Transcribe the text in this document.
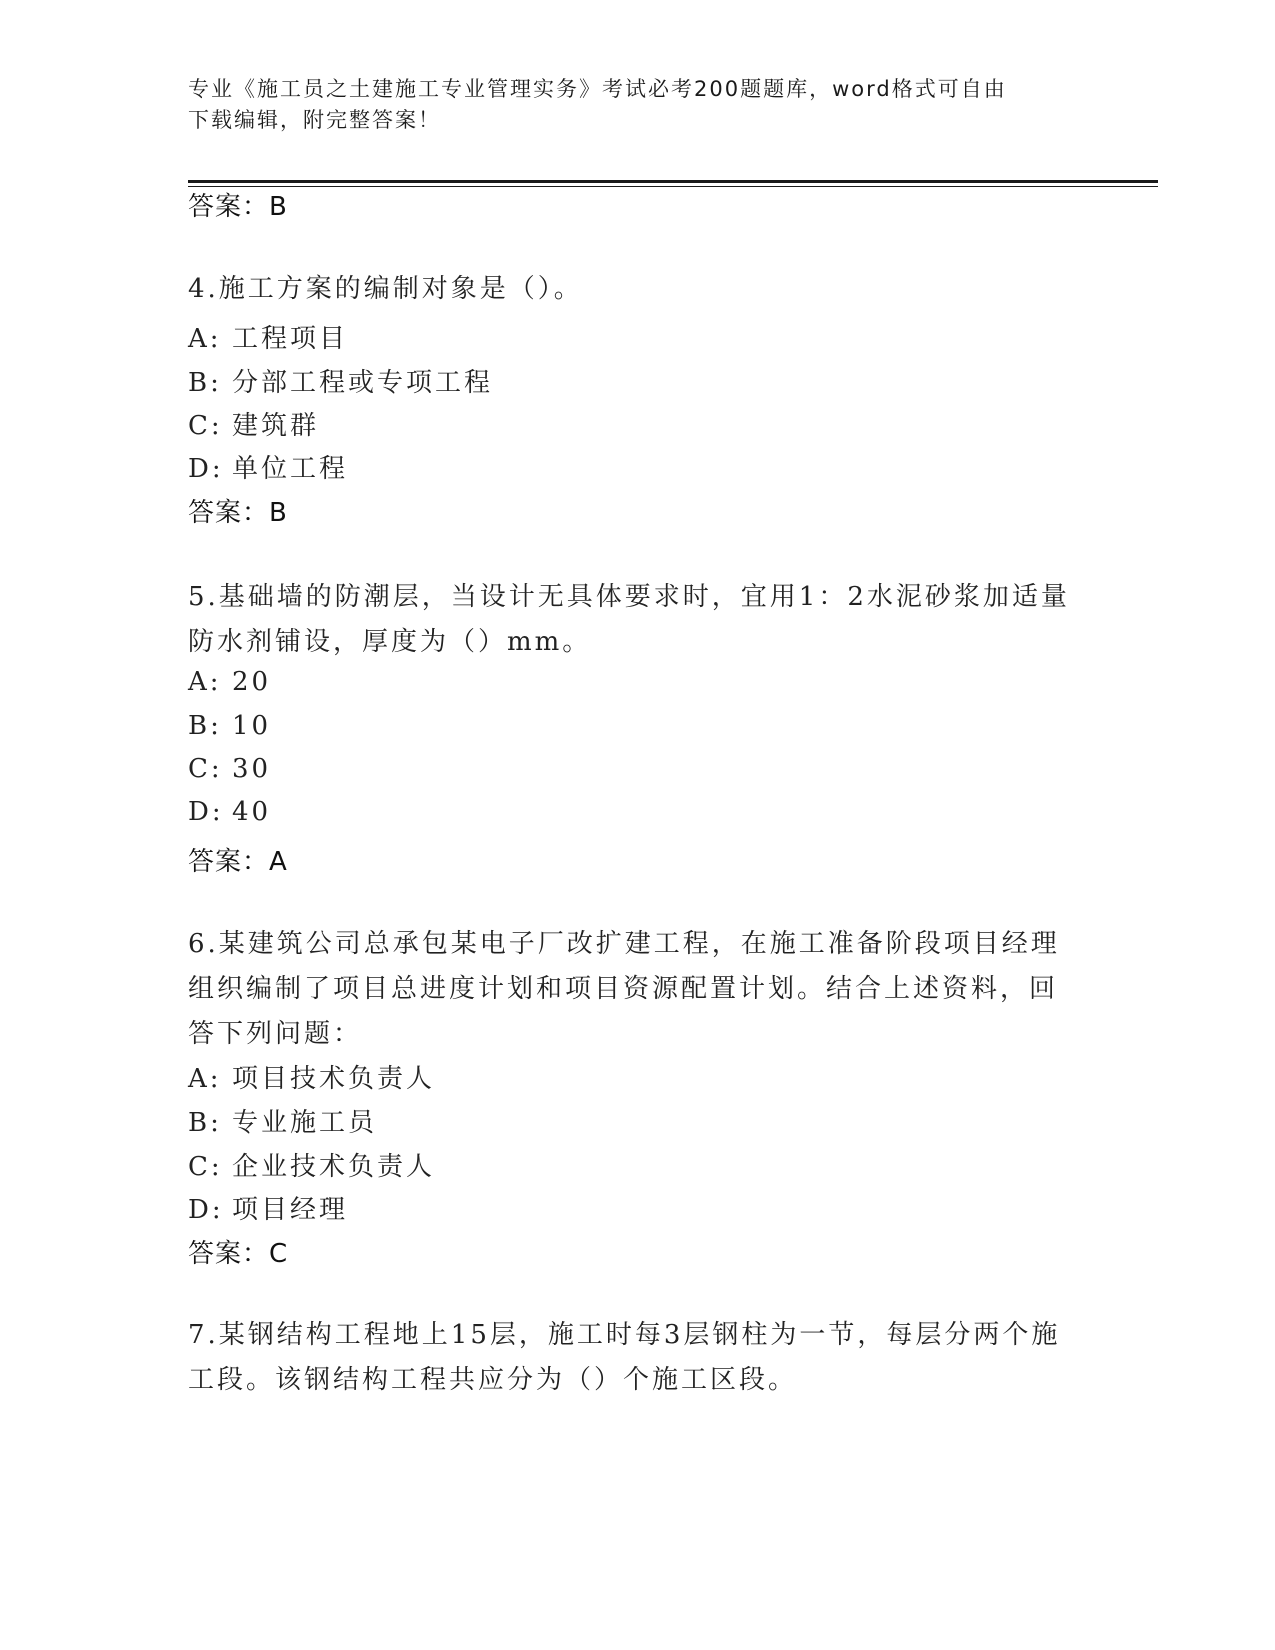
专业《施工员之土建施工专业管理实务》考试必考200题题库，word格式可自由
下载编辑，附完整答案！
答案：B
4.施工方案的编制对象是（）。
A: 工程项目
B: 分部工程或专项工程
C: 建筑群
D: 单位工程
答案：B
5.基础墙的防潮层，当设计无具体要求时，宜用1：2水泥砂浆加适量
防水剂铺设，厚度为（）mm。
A: 20
B: 10
C: 30
D: 40
答案：A
6.某建筑公司总承包某电子厂改扩建工程，在施工准备阶段项目经理
组织编制了项目总进度计划和项目资源配置计划。结合上述资料，回
答下列问题：
A: 项目技术负责人
B: 专业施工员
C: 企业技术负责人
D: 项目经理
答案：C
7.某钢结构工程地上15层，施工时每3层钢柱为一节，每层分两个施
工段。该钢结构工程共应分为（）个施工区段。
